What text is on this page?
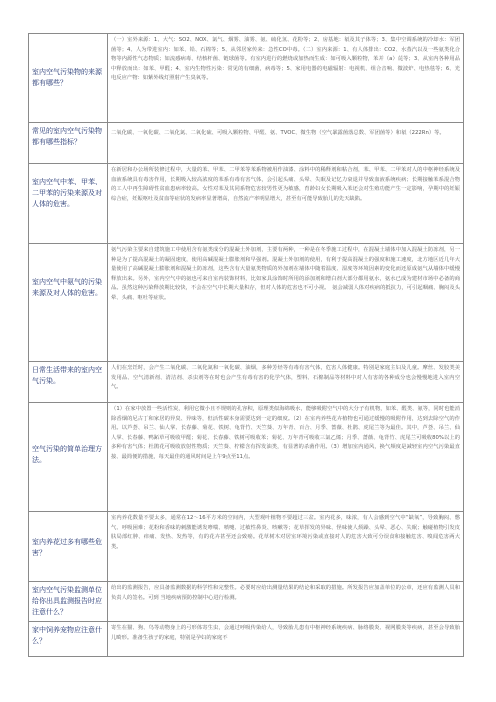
室内空气污染物的来源都有哪些？	（一）室外来源：1、大气：SO2、NOX、氯气、烟雾、油雾、氨、硫化氢、花粉等；2、房基地：氡及其子体等；3、集中空调系统的冷却水：军团菌等；4、人为带进室内：如苯、铅、石棉等；5、从邻居家传来：急性CO中毒。（二）室内来源：1、有人体排出：CO2、水蒸汽以及一些氨类化合物等内源性气态物质；如流感病毒、结核杆菌、链球菌等。有室内进行的燃烧或加热而生成：如可吸入颗粒物，苯并（a）芘等；3、从室内各种用品中释放而出：如苯、甲醛；4、室内生物性污染：常见的有细菌，病毒等；5、家用电器的电磁辐射：电视机、组合音响、微波炉、电热毯等；6、光电反应产物：如紫外线灯照射产生臭氧等。

常见的室内空气污染物都有哪些指标？	二氧化碳、一氧化碳、二氧化氮、二氧化硫、可吸入颗粒物、甲醛、氨、TVOC、微生物（空气暴露菌落总数、军团菌等）和氡（222Rn）等。

室内空气中苯、甲苯、二甲苯的污染来源及对人体的危害。	在新居和办公场所装修过程中，大量的苯、甲苯、二甲苯等苯系物被用作油漆、涂料中的稀释剂和粘合剂，苯、甲苯、二甲苯对人的中枢神经系统及血液系统具有毒害作用，长期吸入较高浓度的苯系有毒有害气体，会引起头痛、头晕、失眠及记忆力衰退并导致血液系统疾病；长期接触苯系混合物的工人中再生障碍性贫血患病率较高。女性对苯及其同系物危害较男性更为敏感，育龄妇女长期吸入苯还会对生殖功能产生一定影响，孕期中的妊娠综合症，妊娠呕吐及贫血等症状的发病率显著增高，自然流产率明显增大，甚至有可能导致胎儿的先天缺陷。

室内空气中氨气的污染来源及对人体的危害。	氨气污染主要来自建筑施工中使用含有氨类成分的混凝土外加剂，主要有两种，一种是在冬季施工过程中，在混凝土墙体中加入混凝土防冻剂，另一种是为了提高混凝土的凝固速度，使用高碱混凝土膨胀剂和早强剂。混凝土外加剂的使用，有利于提高混凝土的强度和施工速度，北方地区近几年大量使用了高碱混凝土膨胀剂和混凝土防冻剂，这些含有大量氨类物质的外加剂在墙体中随着温度、湿度等环境因素的变化而还原成氨气从墙体中缓慢释放出来。另外，室内空气中的氨也可来自室内装饰材料，比如家具涂饰时所用的添加剂和增白剂大部分都用氨水，氨水已成为建材市场中必备的商品。虽然这种污染释放期比较快，不会在空气中长期大量积存，但对人体的危害也不可小视。　氨会减弱人体对疾病的抵抗力，可引起咽痛、胸闷及头晕、头痛、呕吐等症状。

日常生活带来的室内空气污染。	人们在烹饪时，会产生二氧化碳、二氧化氮和一氧化碳、油烟，多种芳烃等有毒有害气体，危害人体健康。特别是家庭主妇及儿童。摩丝、发胶类美发用品、空气清新剂、清洁剂、杀虫剂等在时也会产生有毒有害的化学气体，塑料、石棉制品等材料中对人有害的各种成分也会慢慢地进入室内空气。

空气污染的简单治理方法。	（1）在家中放置一些活性炭，利用它微小且不规则的孔容积，原理类似海绵吸水，能够吸附空气中的大分子有机物，如苯、醛类、氨等，同时也能消除香烟的尼古丁和家居的异臭、异味等，但活性碳本身需要达到一定的细度。（2）在室内养些花卉植物也可通过缓慢的吸附作用，达到去除空气的作用。以芦荟、吊兰、仙人掌、长春藤、菊花、铁树、龟背竹、天竺葵、万年青、百合、月季、蔷薇、杜鹃、虎尾兰等为最佳。其中，芦荟、吊兰、仙人掌、长春藤、鸭跖草可吸收甲醛；菊花、长春藤、铁树可吸收苯；菊花、万年青可吸收三氯乙烯；月季、蔷薇、龟背竹、虎尾兰可吸收80%以上的多种有害气体；杜鹃花可吸收放射性物质；天竺葵、柠檬含有挥发油类，有显著的杀菌作用。（3）增加室内通风，换气频度是减轻室内空气污染最直接、最简便的措施，每天最佳的通风时间是上午9点至11点。

室内养花过多有哪些危害？	室内养花数量不要太多，通常在12～16平方米的空间内，大型观叶植物不要超过三盆。室内花多，味浓，有人会感到空气中“缺氧”，导致胸闷、憋气、呼吸困难；花粉和香味的刺激能诱发哮喘、喷嚏、过敏性鼻炎、咳嗽等；花草挥发的异味、怪味使人烦躁、头晕、恶心、失眠；触碰植物引发皮肤局部红肿、痒痛、发热、发热等，有的花卉甚至还会致癌。花草树木对居室环境污染或直接对人的危害大致可分误食和接触危害、嗅闻危害两大类。

室内空气污染监测单位给你出具监测报告时应注意什么？	给出的监测报告，应具备监测数据的科学性和完整性。必要时应给出测量结果的结论和采取的措施。所发报告应加盖单位的公章，还应有监测人员和负责人的签名。可到 当地疾病预防控制中心进行检测。

家中饲养宠物应注意什么？	寄生在猫、狗、鸟等动物身上的弓形体寄生虫，会通过呼吸传染给人，导致胎儿患有中枢神经系统疾病、脉络膜炎、视网膜炎等疾病，甚至会导致胎儿畸形。准备生孩子的家庭，特别是孕妇的家庭不
